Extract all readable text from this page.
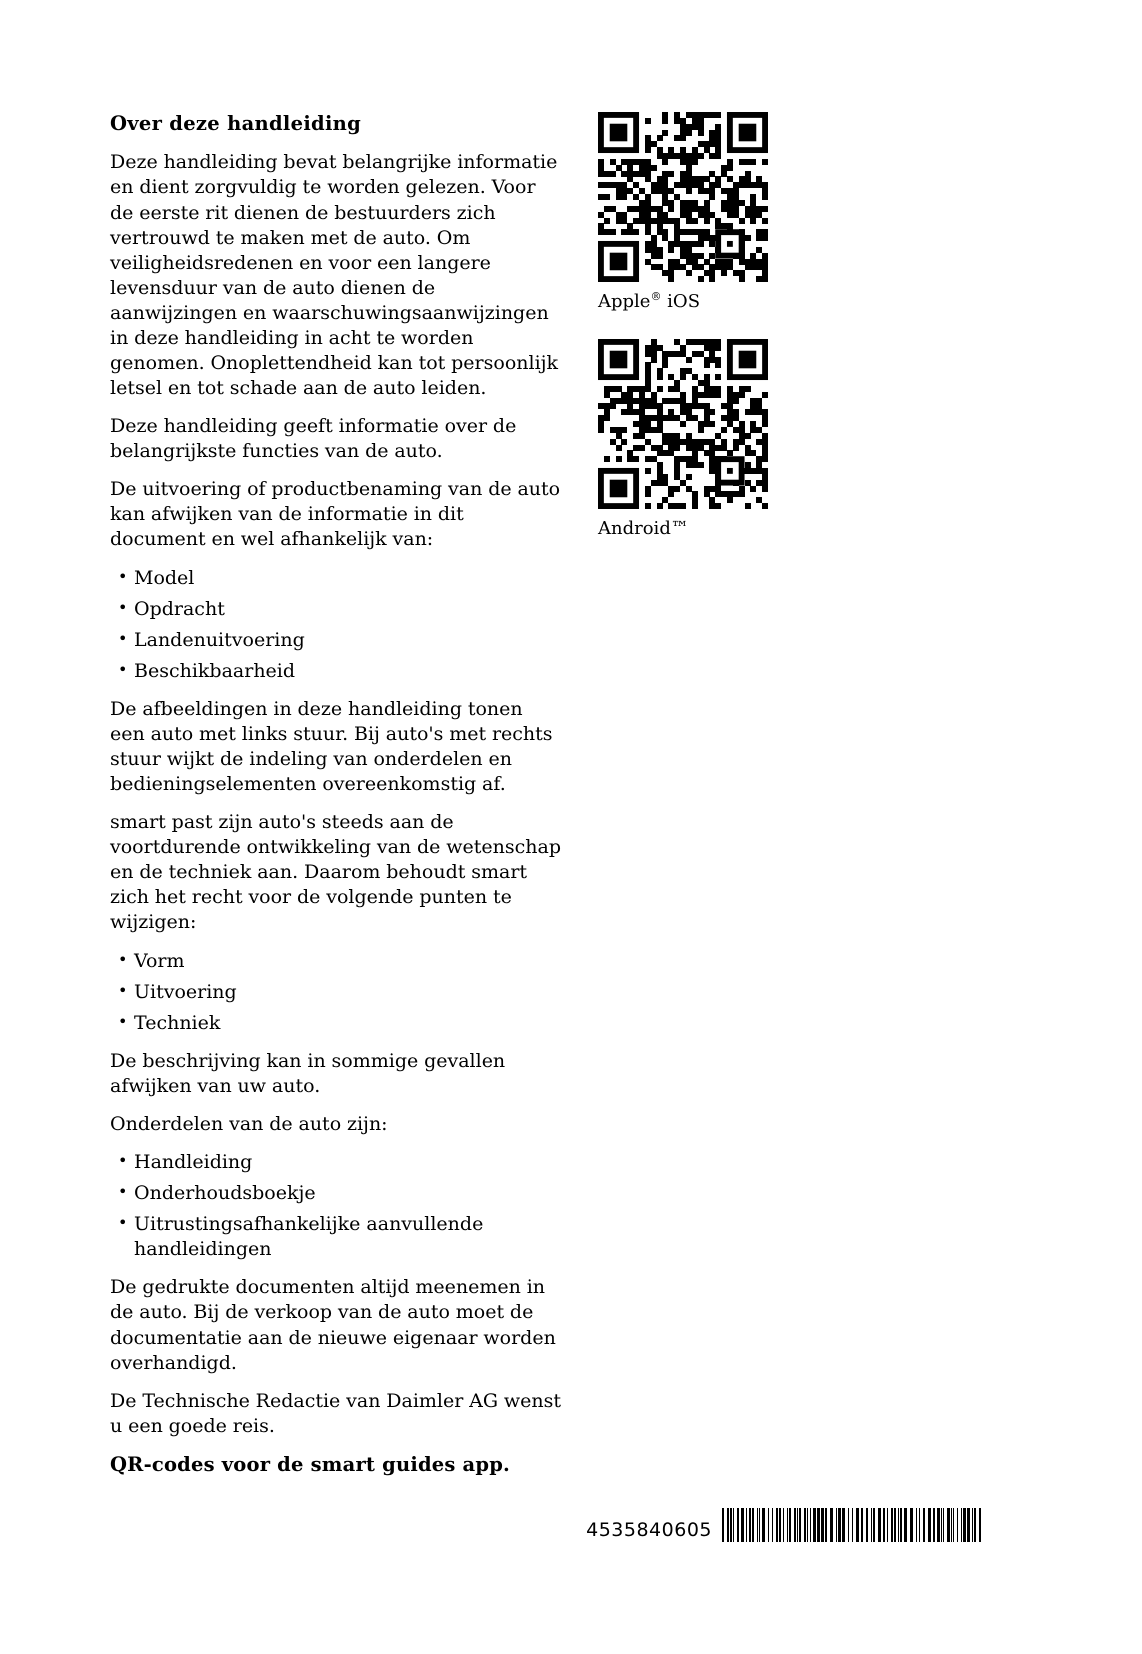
Over deze handleiding

Deze handleiding bevat belangrijke informatie en dient zorgvuldig te worden gelezen. Voor de eerste rit dienen de bestuurders zich vertrouwd te maken met de auto. Om veiligheidsredenen en voor een langere levensduur van de auto dienen de aanwijzingen en waarschuwingsaanwijzingen in deze handleiding in acht te worden genomen. Onoplettendheid kan tot persoonlijk letsel en tot schade aan de auto leiden.

Deze handleiding geeft informatie over de belangrijkste functies van de auto.

De uitvoering of productbenaming van de auto kan afwijken van de informatie in dit document en wel afhankelijk van:

• Model
• Opdracht
• Landenuitvoering
• Beschikbaarheid

De afbeeldingen in deze handleiding tonen een auto met links stuur. Bij auto's met rechts stuur wijkt de indeling van onderdelen en bedieningselementen overeenkomstig af.

smart past zijn auto's steeds aan de voortdurende ontwikkeling van de wetenschap en de techniek aan. Daarom behoudt smart zich het recht voor de volgende punten te wijzigen:

• Vorm
• Uitvoering
• Techniek

De beschrijving kan in sommige gevallen afwijken van uw auto.

Onderdelen van de auto zijn:

• Handleiding
• Onderhoudsboekje
• Uitrustingsafhankelijke aanvullende handleidingen

De gedrukte documenten altijd meenemen in de auto. Bij de verkoop van de auto moet de documentatie aan de nieuwe eigenaar worden overhandigd.

De Technische Redactie van Daimler AG wenst u een goede reis.

QR-codes voor de smart guides app.
Apple® iOS
Android™
4535840605
